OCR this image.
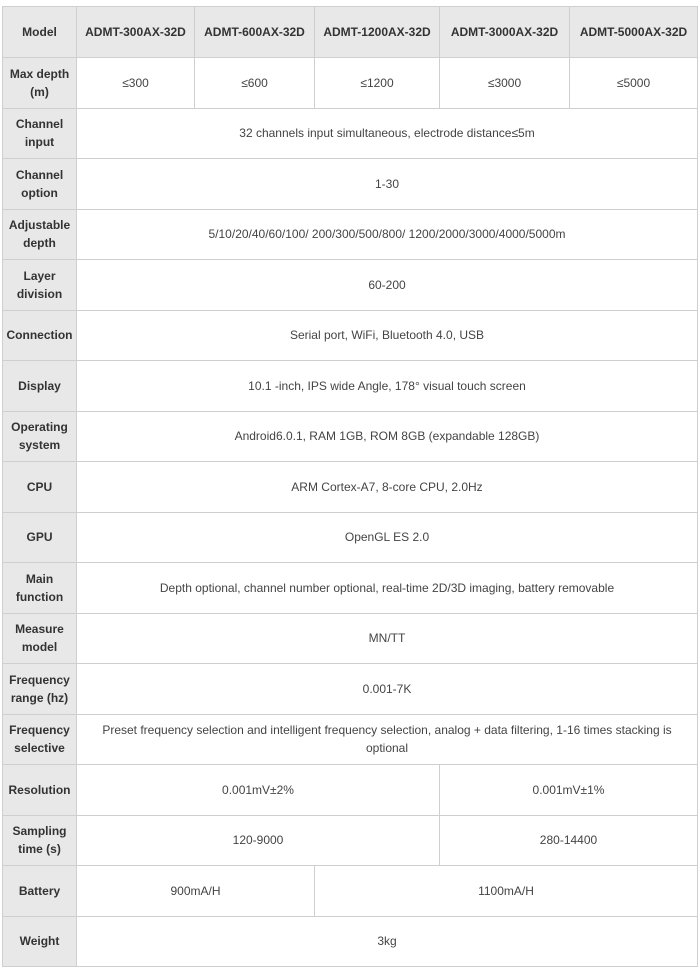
Model	ADMT-300AX-32D	ADMT-600AX-32D	ADMT-1200AX-32D	ADMT-3000AX-32D	ADMT-5000AX-32D
Max depth (m)	≤300	≤600	≤1200	≤3000	≤5000
Channel input	32 channels input simultaneous, electrode distance≤5m				
Channel option	1-30				
Adjustable depth	5/10/20/40/60/100/ 200/300/500/800/ 1200/2000/3000/4000/5000m				
Layer division	60-200				
Connection	Serial port, WiFi, Bluetooth 4.0, USB				
Display	10.1 -inch, IPS wide Angle, 178° visual touch screen				
Operating system	Android6.0.1, RAM 1GB, ROM 8GB (expandable 128GB)				
CPU	ARM Cortex-A7, 8-core CPU, 2.0Hz				
GPU	OpenGL ES 2.0				
Main function	Depth optional, channel number optional, real-time 2D/3D imaging, battery removable				
Measure model	MN/TT				
Frequency range (hz)	0.001-7K				
Frequency selective	Preset frequency selection and intelligent frequency selection, analog + data filtering, 1-16 times stacking is optional				
Resolution	0.001mV±2%			0.001mV±1%	
Sampling time (s)	120-9000			280-14400	
Battery	900mA/H		1100mA/H		
Weight	3kg				
